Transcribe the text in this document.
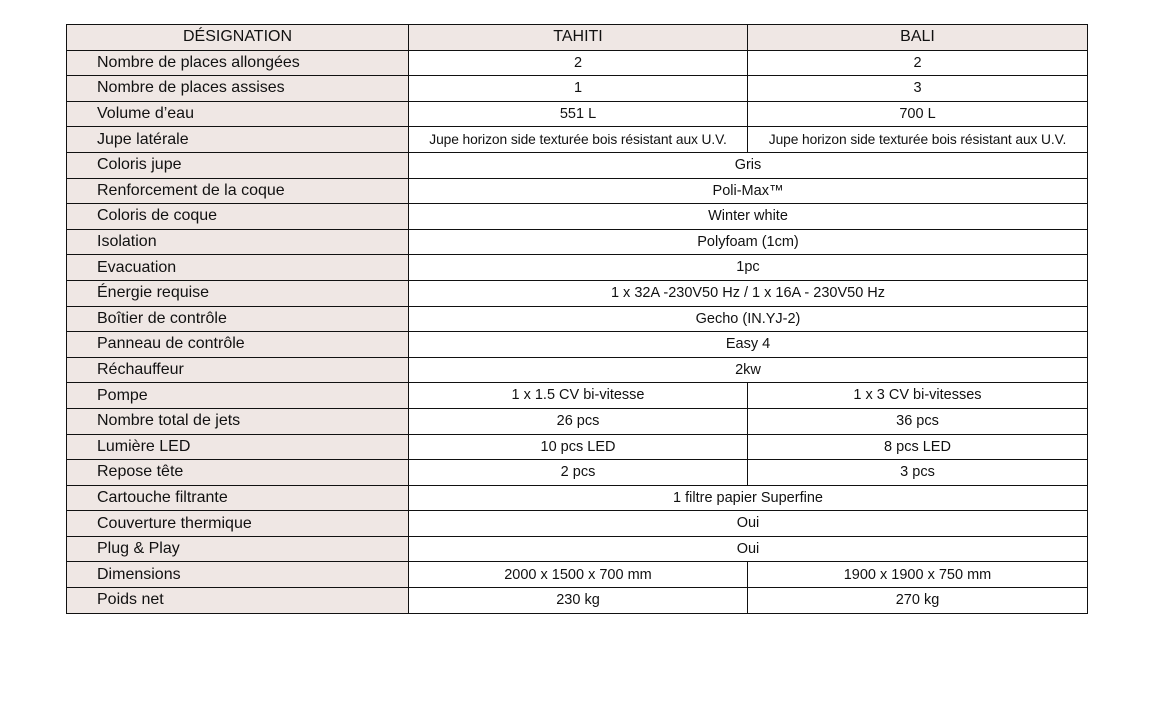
DÉSIGNATION	TAHITI	BALI
Nombre de places allongées	2	2
Nombre de places assises	1	3
Volume d’eau	551 L	700 L
Jupe latérale	Jupe horizon side texturée bois résistant aux U.V.	Jupe horizon side texturée bois résistant aux U.V.
Coloris jupe	Gris	
Renforcement de la coque	Poli-Max™	
Coloris de coque	Winter white	
Isolation	Polyfoam (1cm)	
Evacuation	1pc	
Énergie requise	1 x 32A -230V50 Hz / 1 x 16A - 230V50 Hz	
Boîtier de contrôle	Gecho (IN.YJ-2)	
Panneau de contrôle	Easy 4	
Réchauffeur	2kw	
Pompe	1 x 1.5 CV bi-vitesse	1 x 3 CV bi-vitesses
Nombre total de jets	26 pcs	36 pcs
Lumière LED	10 pcs LED	8 pcs LED
Repose tête	2 pcs	3 pcs
Cartouche filtrante	1 filtre papier Superfine	
Couverture thermique	Oui	
Plug & Play	Oui	
Dimensions	2000 x 1500 x 700 mm	1900 x 1900 x 750 mm
Poids net	230 kg	270 kg
